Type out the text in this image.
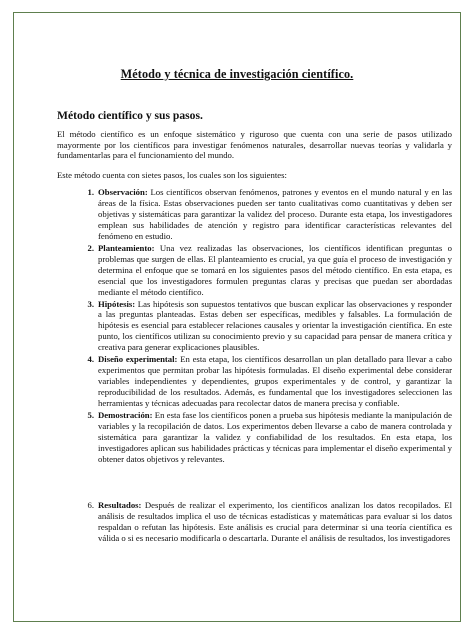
Método y técnica de investigación científico.
Método científico y sus pasos.

El método científico es un enfoque sistemático y riguroso que cuenta con una serie de pasos utilizado mayormente por los científicos para investigar fenómenos naturales, desarrollar nuevas teorías y validarla y fundamentarlas para el funcionamiento del mundo.

Este método cuenta con sietes pasos, los cuales son los siguientes:

1. Observación: Los científicos observan fenómenos, patrones y eventos en el mundo natural y en las áreas de la física. Estas observaciones pueden ser tanto cualitativas como cuantitativas y deben ser objetivas y sistemáticas para garantizar la validez del proceso. Durante esta etapa, los investigadores emplean sus habilidades de atención y registro para identificar características relevantes del fenómeno en estudio.
2. Planteamiento: Una vez realizadas las observaciones, los científicos identifican preguntas o problemas que surgen de ellas. El planteamiento es crucial, ya que guía el proceso de investigación y determina el enfoque que se tomará en los siguientes pasos del método científico. En esta etapa, es esencial que los investigadores formulen preguntas claras y precisas que puedan ser abordadas mediante el método científico.
3. Hipótesis: Las hipótesis son supuestos tentativos que buscan explicar las observaciones y responder a las preguntas planteadas. Estas deben ser específicas, medibles y falsables. La formulación de hipótesis es esencial para establecer relaciones causales y orientar la investigación científica. En este punto, los científicos utilizan su conocimiento previo y su capacidad para pensar de manera crítica y creativa para generar explicaciones plausibles.
4. Diseño experimental: En esta etapa, los científicos desarrollan un plan detallado para llevar a cabo experimentos que permitan probar las hipótesis formuladas. El diseño experimental debe considerar variables independientes y dependientes, grupos experimentales y de control, y garantizar la reproducibilidad de los resultados. Además, es fundamental que los investigadores seleccionen las herramientas y técnicas adecuadas para recolectar datos de manera precisa y confiable.
5. Demostración: En esta fase los científicos ponen a prueba sus hipótesis mediante la manipulación de variables y la recopilación de datos. Los experimentos deben llevarse a cabo de manera controlada y sistemática para garantizar la validez y confiabilidad de los resultados. En esta etapa, los investigadores aplican sus habilidades prácticas y técnicas para implementar el diseño experimental y obtener datos objetivos y relevantes.
6. Resultados: Después de realizar el experimento, los científicos analizan los datos recopilados. El análisis de resultados implica el uso de técnicas estadísticas y matemáticas para evaluar si los datos respaldan o refutan las hipótesis. Este análisis es crucial para determinar si una teoría científica es válida o si es necesario modificarla o descartarla. Durante el análisis de resultados, los investigadores
